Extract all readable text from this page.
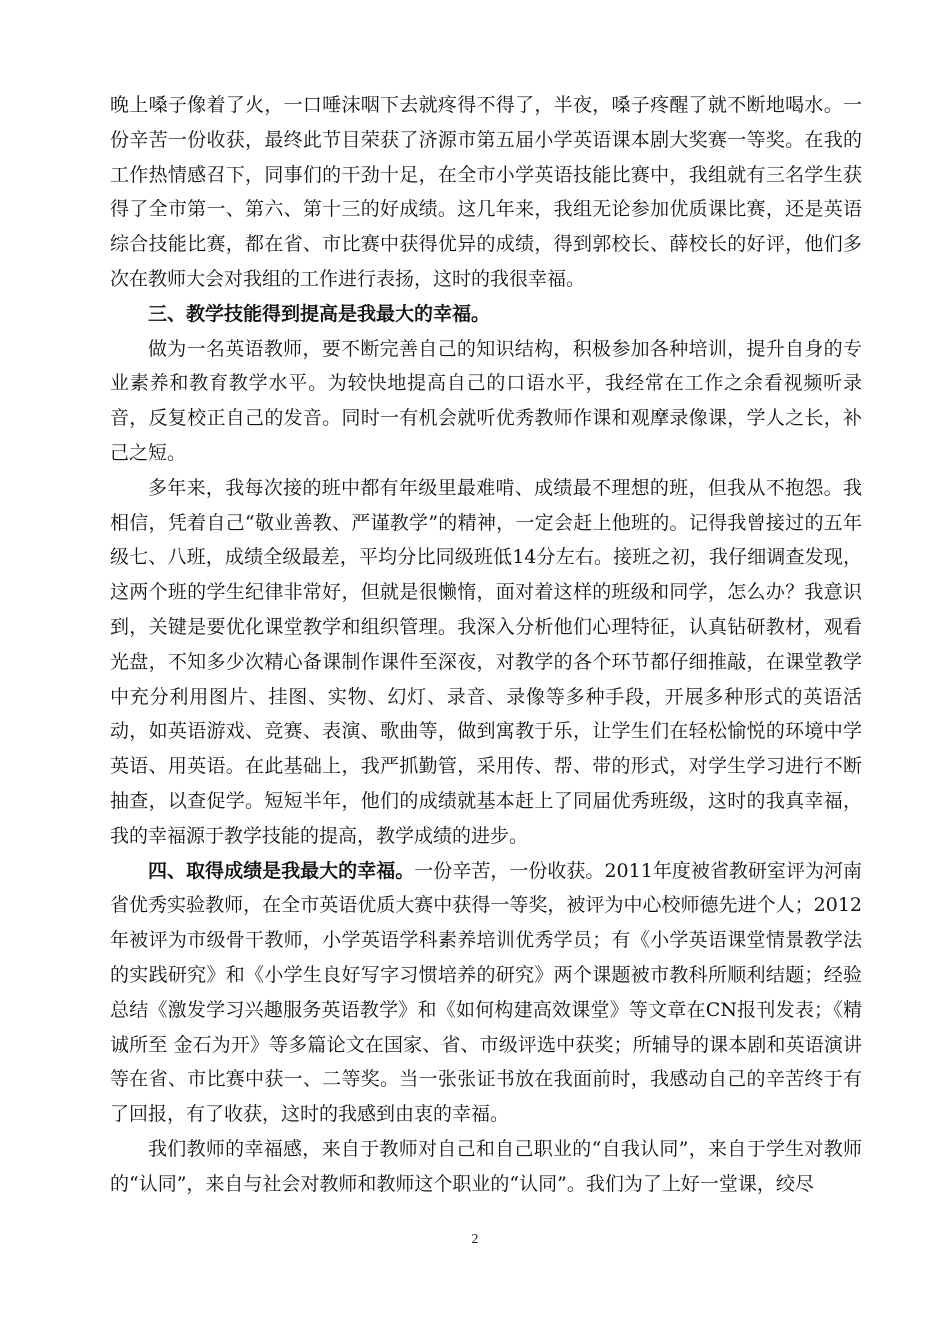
晚上嗓子像着了火，一口唾沫咽下去就疼得不得了，半夜，嗓子疼醒了就不断地喝水。一份辛苦一份收获，最终此节目荣获了济源市第五届小学英语课本剧大奖赛一等奖。在我的工作热情感召下，同事们的干劲十足，在全市小学英语技能比赛中，我组就有三名学生获得了全市第一、第六、第十三的好成绩。这几年来，我组无论参加优质课比赛，还是英语综合技能比赛，都在省、市比赛中获得优异的成绩，得到郭校长、薛校长的好评，他们多次在教师大会对我组的工作进行表扬，这时的我很幸福。

三、教学技能得到提高是我最大的幸福。

做为一名英语教师，要不断完善自己的知识结构，积极参加各种培训，提升自身的专业素养和教育教学水平。为较快地提高自己的口语水平，我经常在工作之余看视频听录音，反复校正自己的发音。同时一有机会就听优秀教师作课和观摩录像课，学人之长，补己之短。

多年来，我每次接的班中都有年级里最难啃、成绩最不理想的班，但我从不抱怨。我相信，凭着自己“敬业善教、严谨教学”的精神，一定会赶上他班的。记得我曾接过的五年级七、八班，成绩全级最差，平均分比同级班低14分左右。接班之初，我仔细调查发现，这两个班的学生纪律非常好，但就是很懒惰，面对着这样的班级和同学，怎么办？我意识到，关键是要优化课堂教学和组织管理。我深入分析他们心理特征，认真钻研教材，观看光盘，不知多少次精心备课制作课件至深夜，对教学的各个环节都仔细推敲，在课堂教学中充分利用图片、挂图、实物、幻灯、录音、录像等多种手段，开展多种形式的英语活动，如英语游戏、竞赛、表演、歌曲等，做到寓教于乐，让学生们在轻松愉悦的环境中学英语、用英语。在此基础上，我严抓勤管，采用传、帮、带的形式，对学生学习进行不断抽查，以查促学。短短半年，他们的成绩就基本赶上了同届优秀班级，这时的我真幸福，我的幸福源于教学技能的提高，教学成绩的进步。

四、取得成绩是我最大的幸福。一份辛苦，一份收获。2011年度被省教研室评为河南省优秀实验教师，在全市英语优质大赛中获得一等奖，被评为中心校师德先进个人；2012年被评为市级骨干教师，小学英语学科素养培训优秀学员；有《小学英语课堂情景教学法的实践研究》和《小学生良好写字习惯培养的研究》两个课题被市教科所顺利结题；经验总结《激发学习兴趣服务英语教学》和《如何构建高效课堂》等文章在CN报刊发表；《精诚所至 金石为开》等多篇论文在国家、省、市级评选中获奖；所辅导的课本剧和英语演讲等在省、市比赛中获一、二等奖。当一张张证书放在我面前时，我感动自己的辛苦终于有了回报，有了收获，这时的我感到由衷的幸福。

我们教师的幸福感，来自于教师对自己和自己职业的“自我认同”，来自于学生对教师的“认同”，来自与社会对教师和教师这个职业的“认同”。我们为了上好一堂课，绞尽

2
